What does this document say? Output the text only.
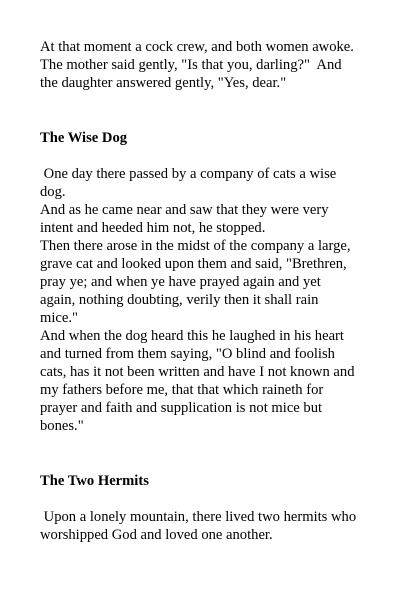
At that moment a cock crew, and both women awoke.
The mother said gently, "Is that you, darling?"  And
the daughter answered gently, "Yes, dear."

The Wise Dog

One day there passed by a company of cats a wise
dog.
And as he came near and saw that they were very
intent and heeded him not, he stopped.
Then there arose in the midst of the company a large,
grave cat and looked upon them and said, "Brethren,
pray ye; and when ye have prayed again and yet
again, nothing doubting, verily then it shall rain
mice."
And when the dog heard this he laughed in his heart
and turned from them saying, "O blind and foolish
cats, has it not been written and have I not known and
my fathers before me, that that which raineth for
prayer and faith and supplication is not mice but
bones."

The Two Hermits

Upon a lonely mountain, there lived two hermits who
worshipped God and loved one another.
